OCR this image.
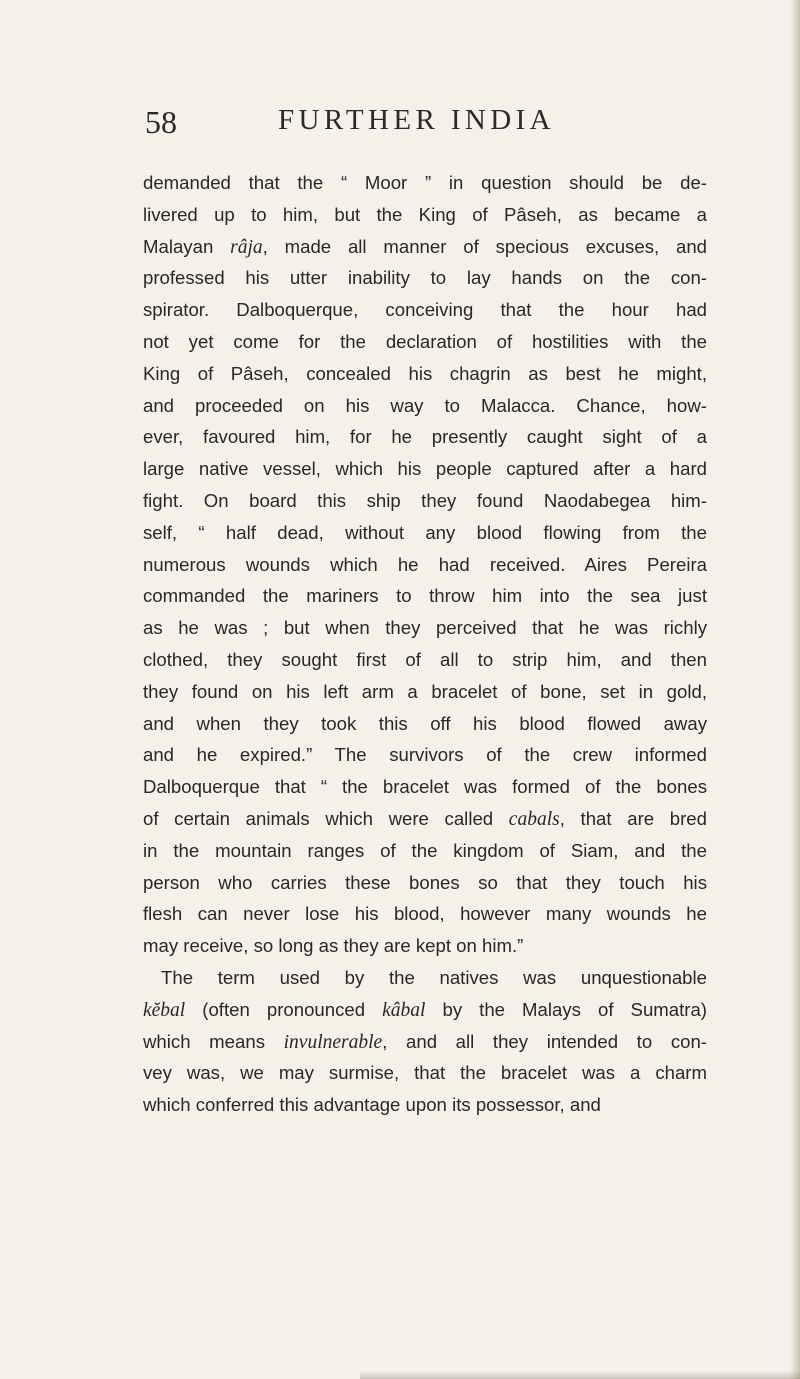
58	FURTHER INDIA
demanded that the “ Moor ” in question should be de-
livered up to him, but the King of Pâseh, as became a
Malayan râja, made all manner of specious excuses, and
professed his utter inability to lay hands on the con-
spirator. Dalboquerque, conceiving that the hour had
not yet come for the declaration of hostilities with the
King of Pâseh, concealed his chagrin as best he might,
and proceeded on his way to Malacca. Chance, how-
ever, favoured him, for he presently caught sight of a
large native vessel, which his people captured after a hard
fight. On board this ship they found Naodabegea him-
self, “ half dead, without any blood flowing from the
numerous wounds which he had received. Aires Pereira
commanded the mariners to throw him into the sea just
as he was ; but when they perceived that he was richly
clothed, they sought first of all to strip him, and then
they found on his left arm a bracelet of bone, set in gold,
and when they took this off his blood flowed away
and he expired.” The survivors of the crew informed
Dalboquerque that “ the bracelet was formed of the bones
of certain animals which were called cabals, that are bred
in the mountain ranges of the kingdom of Siam, and the
person who carries these bones so that they touch his
flesh can never lose his blood, however many wounds he
may receive, so long as they are kept on him.”
The term used by the natives was unquestionable
kĕbal (often pronounced kâbal by the Malays of Sumatra)
which means invulnerable, and all they intended to con-
vey was, we may surmise, that the bracelet was a charm
which conferred this advantage upon its possessor, and
